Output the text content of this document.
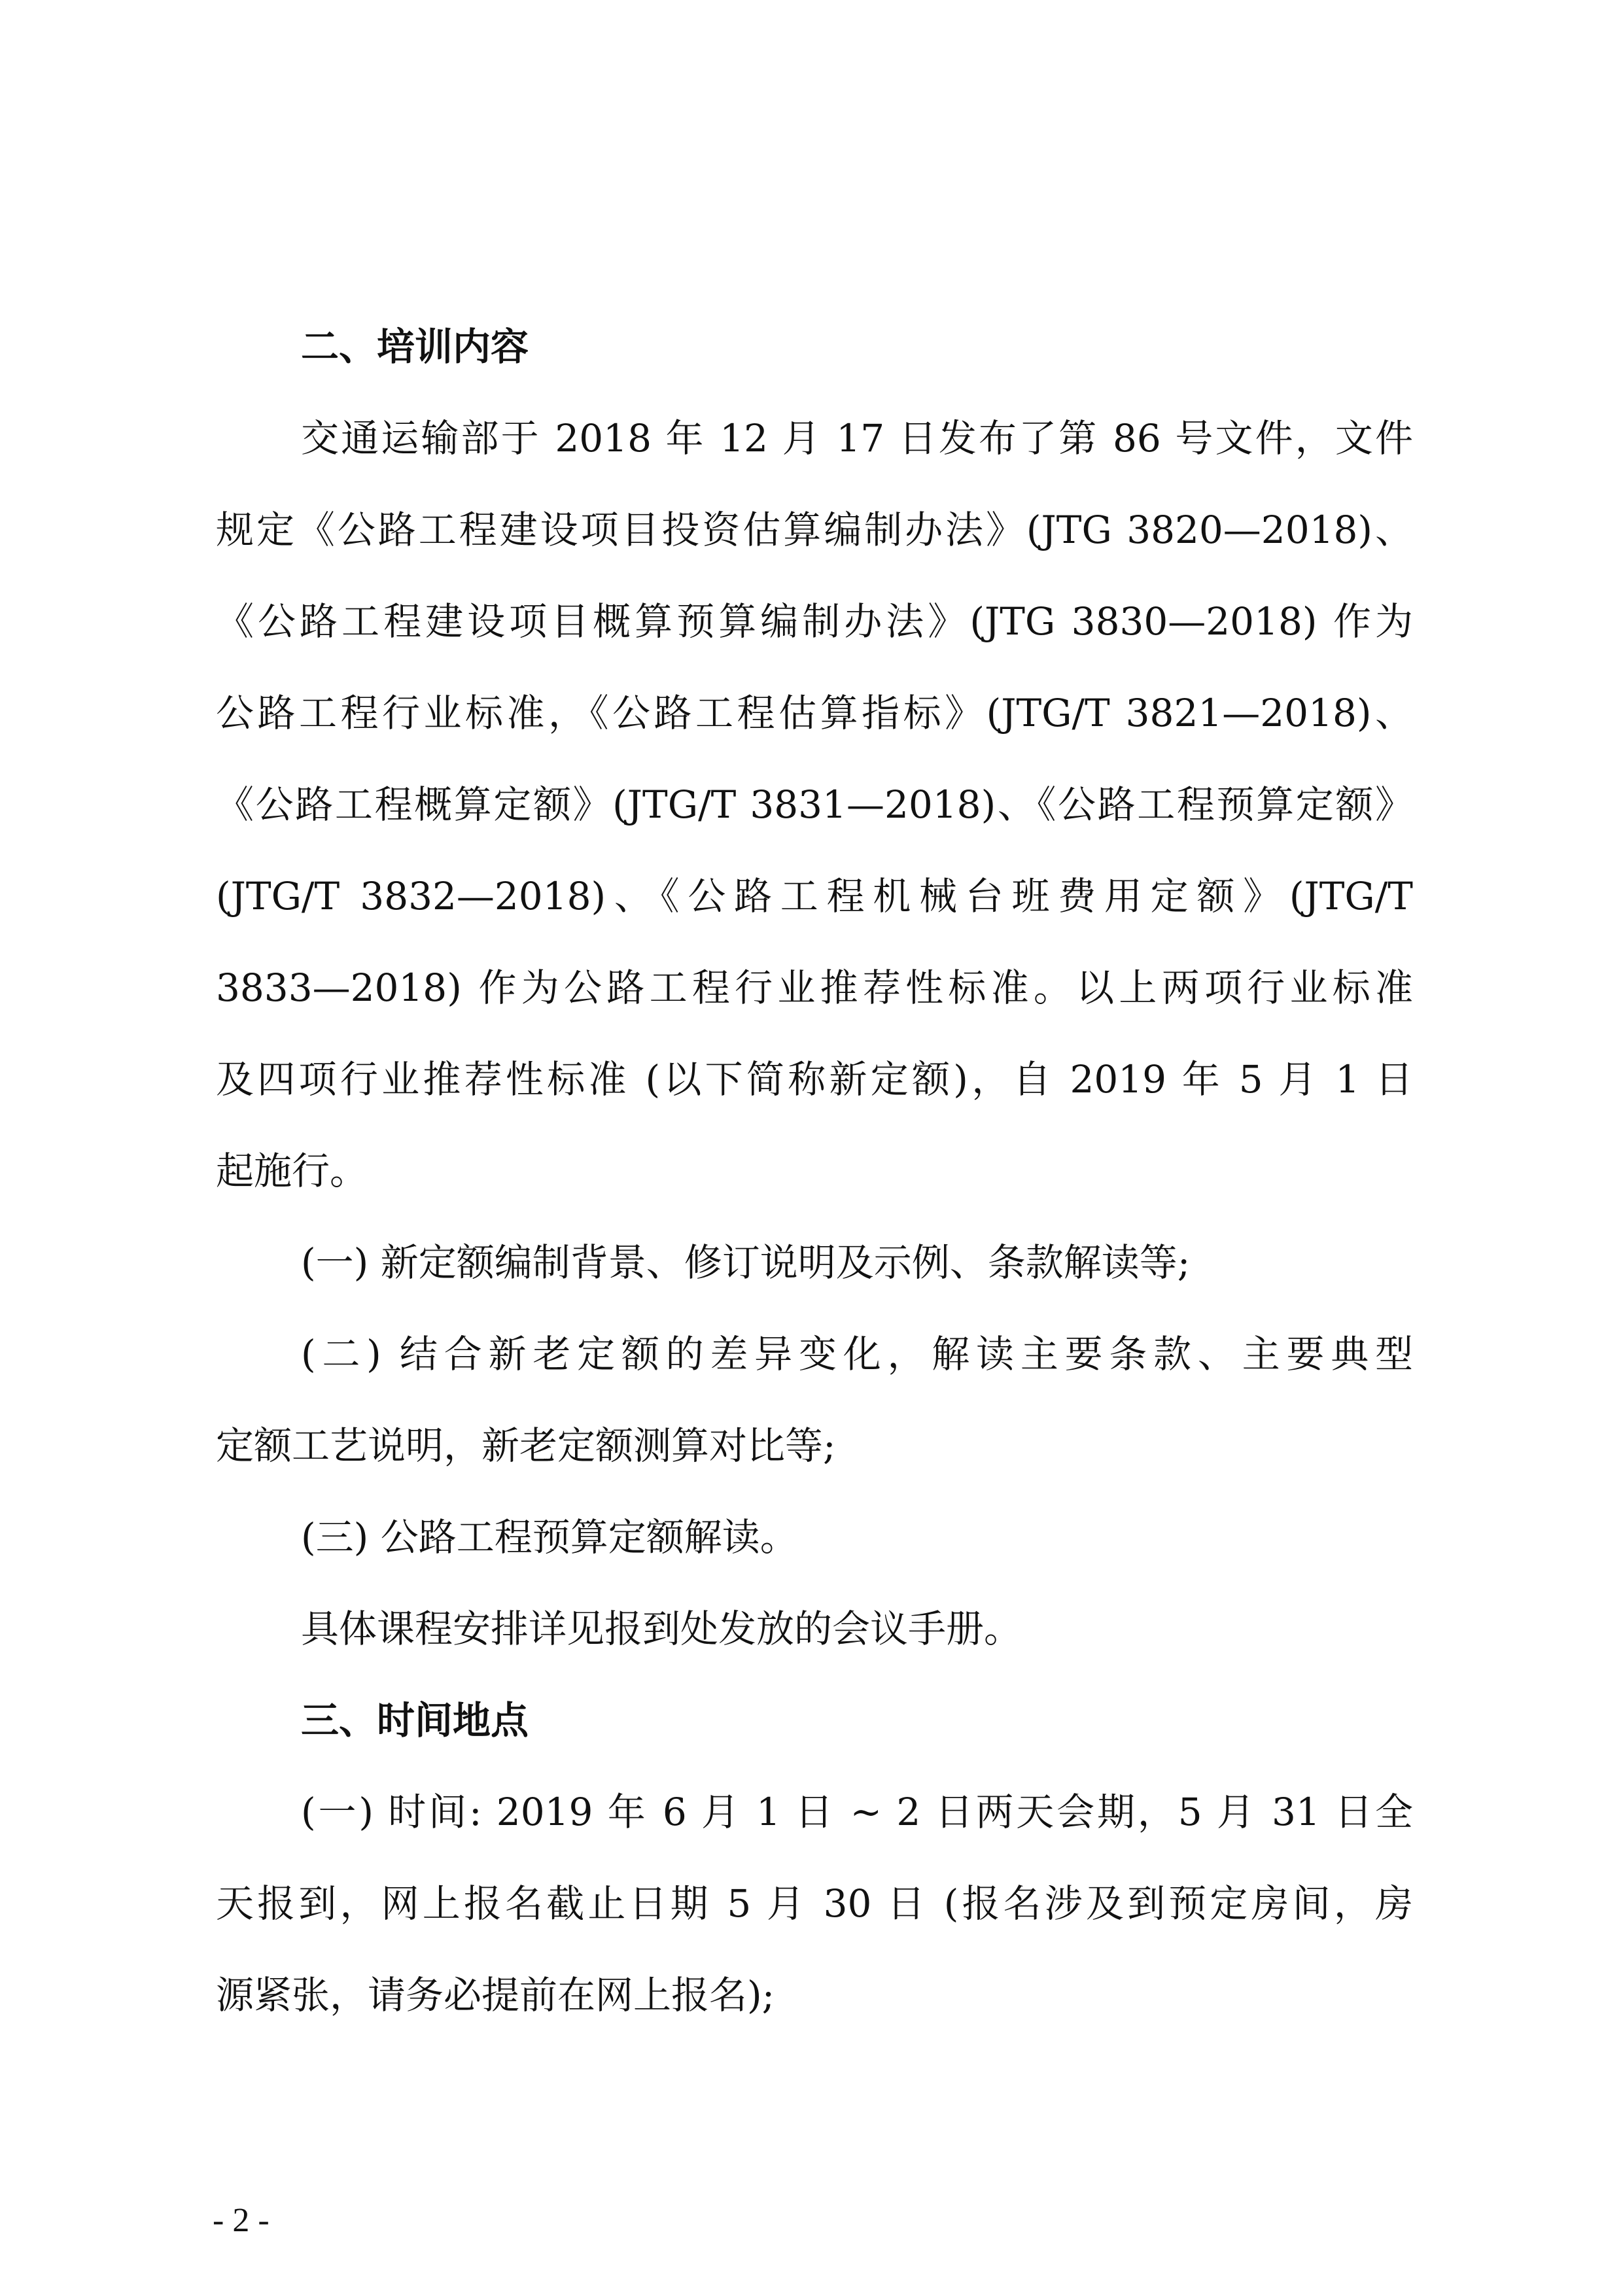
二、培训内容

交通运输部于 2018 年 12 月 17 日发布了第 86 号文件，文件

规定《公路工程建设项目投资估算编制办法》(JTG 3820—2018)、

《公路工程建设项目概算预算编制办法》(JTG 3830—2018) 作为

公路工程行业标准，《公路工程估算指标》(JTG/T 3821—2018)、

《公路工程概算定额》(JTG/T 3831—2018)、《公路工程预算定额》

(JTG/T 3832—2018)、《公路工程机械台班费用定额》(JTG/T

3833—2018) 作为公路工程行业推荐性标准。以上两项行业标准

及四项行业推荐性标准 (以下简称新定额)，自 2019 年 5 月 1 日

起施行。

(一) 新定额编制背景、修订说明及示例、条款解读等;

(二) 结合新老定额的差异变化，解读主要条款、主要典型

定额工艺说明，新老定额测算对比等;

(三) 公路工程预算定额解读。

具体课程安排详见报到处发放的会议手册。

三、时间地点

(一) 时间: 2019 年 6 月 1 日 ~ 2 日两天会期，5 月 31 日全

天报到，网上报名截止日期 5 月 30 日 (报名涉及到预定房间，房

源紧张，请务必提前在网上报名);

- 2 -
